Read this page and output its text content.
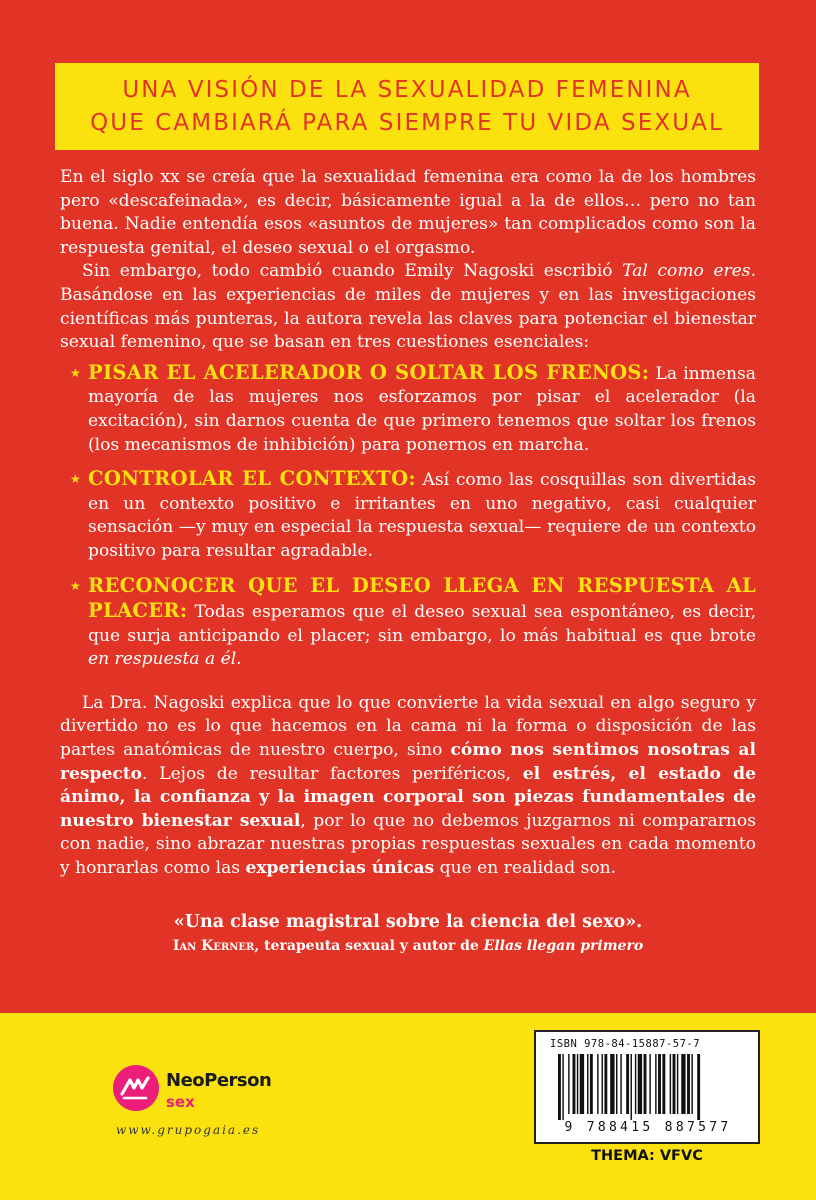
UNA VISIÓN DE LA SEXUALIDAD FEMENINA
QUE CAMBIARÁ PARA SIEMPRE TU VIDA SEXUAL

En el siglo xx se creía que la sexualidad femenina era como la de los hombres pero «descafeinada», es decir, básicamente igual a la de ellos… pero no tan buena. Nadie entendía esos «asuntos de mujeres» tan complicados como son la respuesta genital, el deseo sexual o el orgasmo.

Sin embargo, todo cambió cuando Emily Nagoski escribió Tal como eres. Basándose en las experiencias de miles de mujeres y en las investigaciones científicas más punteras, la autora revela las claves para potenciar el bienestar sexual femenino, que se basan en tres cuestiones esenciales:

★ PISAR EL ACELERADOR O SOLTAR LOS FRENOS: La inmensa mayoría de las mujeres nos esforzamos por pisar el acelerador (la excitación), sin darnos cuenta de que primero tenemos que soltar los frenos (los mecanismos de inhibición) para ponernos en marcha.
★ CONTROLAR EL CONTEXTO: Así como las cosquillas son divertidas en un contexto positivo e irritantes en uno negativo, casi cualquier sensación —y muy en especial la respuesta sexual— requiere de un contexto positivo para resultar agradable.
★ RECONOCER QUE EL DESEO LLEGA EN RESPUESTA AL PLACER: Todas esperamos que el deseo sexual sea espontáneo, es decir, que surja anticipando el placer; sin embargo, lo más habitual es que brote en respuesta a él.

La Dra. Nagoski explica que lo que convierte la vida sexual en algo seguro y divertido no es lo que hacemos en la cama ni la forma o disposición de las partes anatómicas de nuestro cuerpo, sino cómo nos sentimos nosotras al respecto. Lejos de resultar factores periféricos, el estrés, el estado de ánimo, la confianza y la imagen corporal son piezas fundamentales de nuestro bienestar sexual, por lo que no debemos juzgarnos ni compararnos con nadie, sino abrazar nuestras propias respuestas sexuales en cada momento y honrarlas como las experiencias únicas que en realidad son.

«Una clase magistral sobre la ciencia del sexo».
Ian Kerner, terapeuta sexual y autor de Ellas llegan primero
NeoPerson
sex
www.grupogaia.es
ISBN 978-84-15887-57-7
9 788415 887577
THEMA: VFVC
